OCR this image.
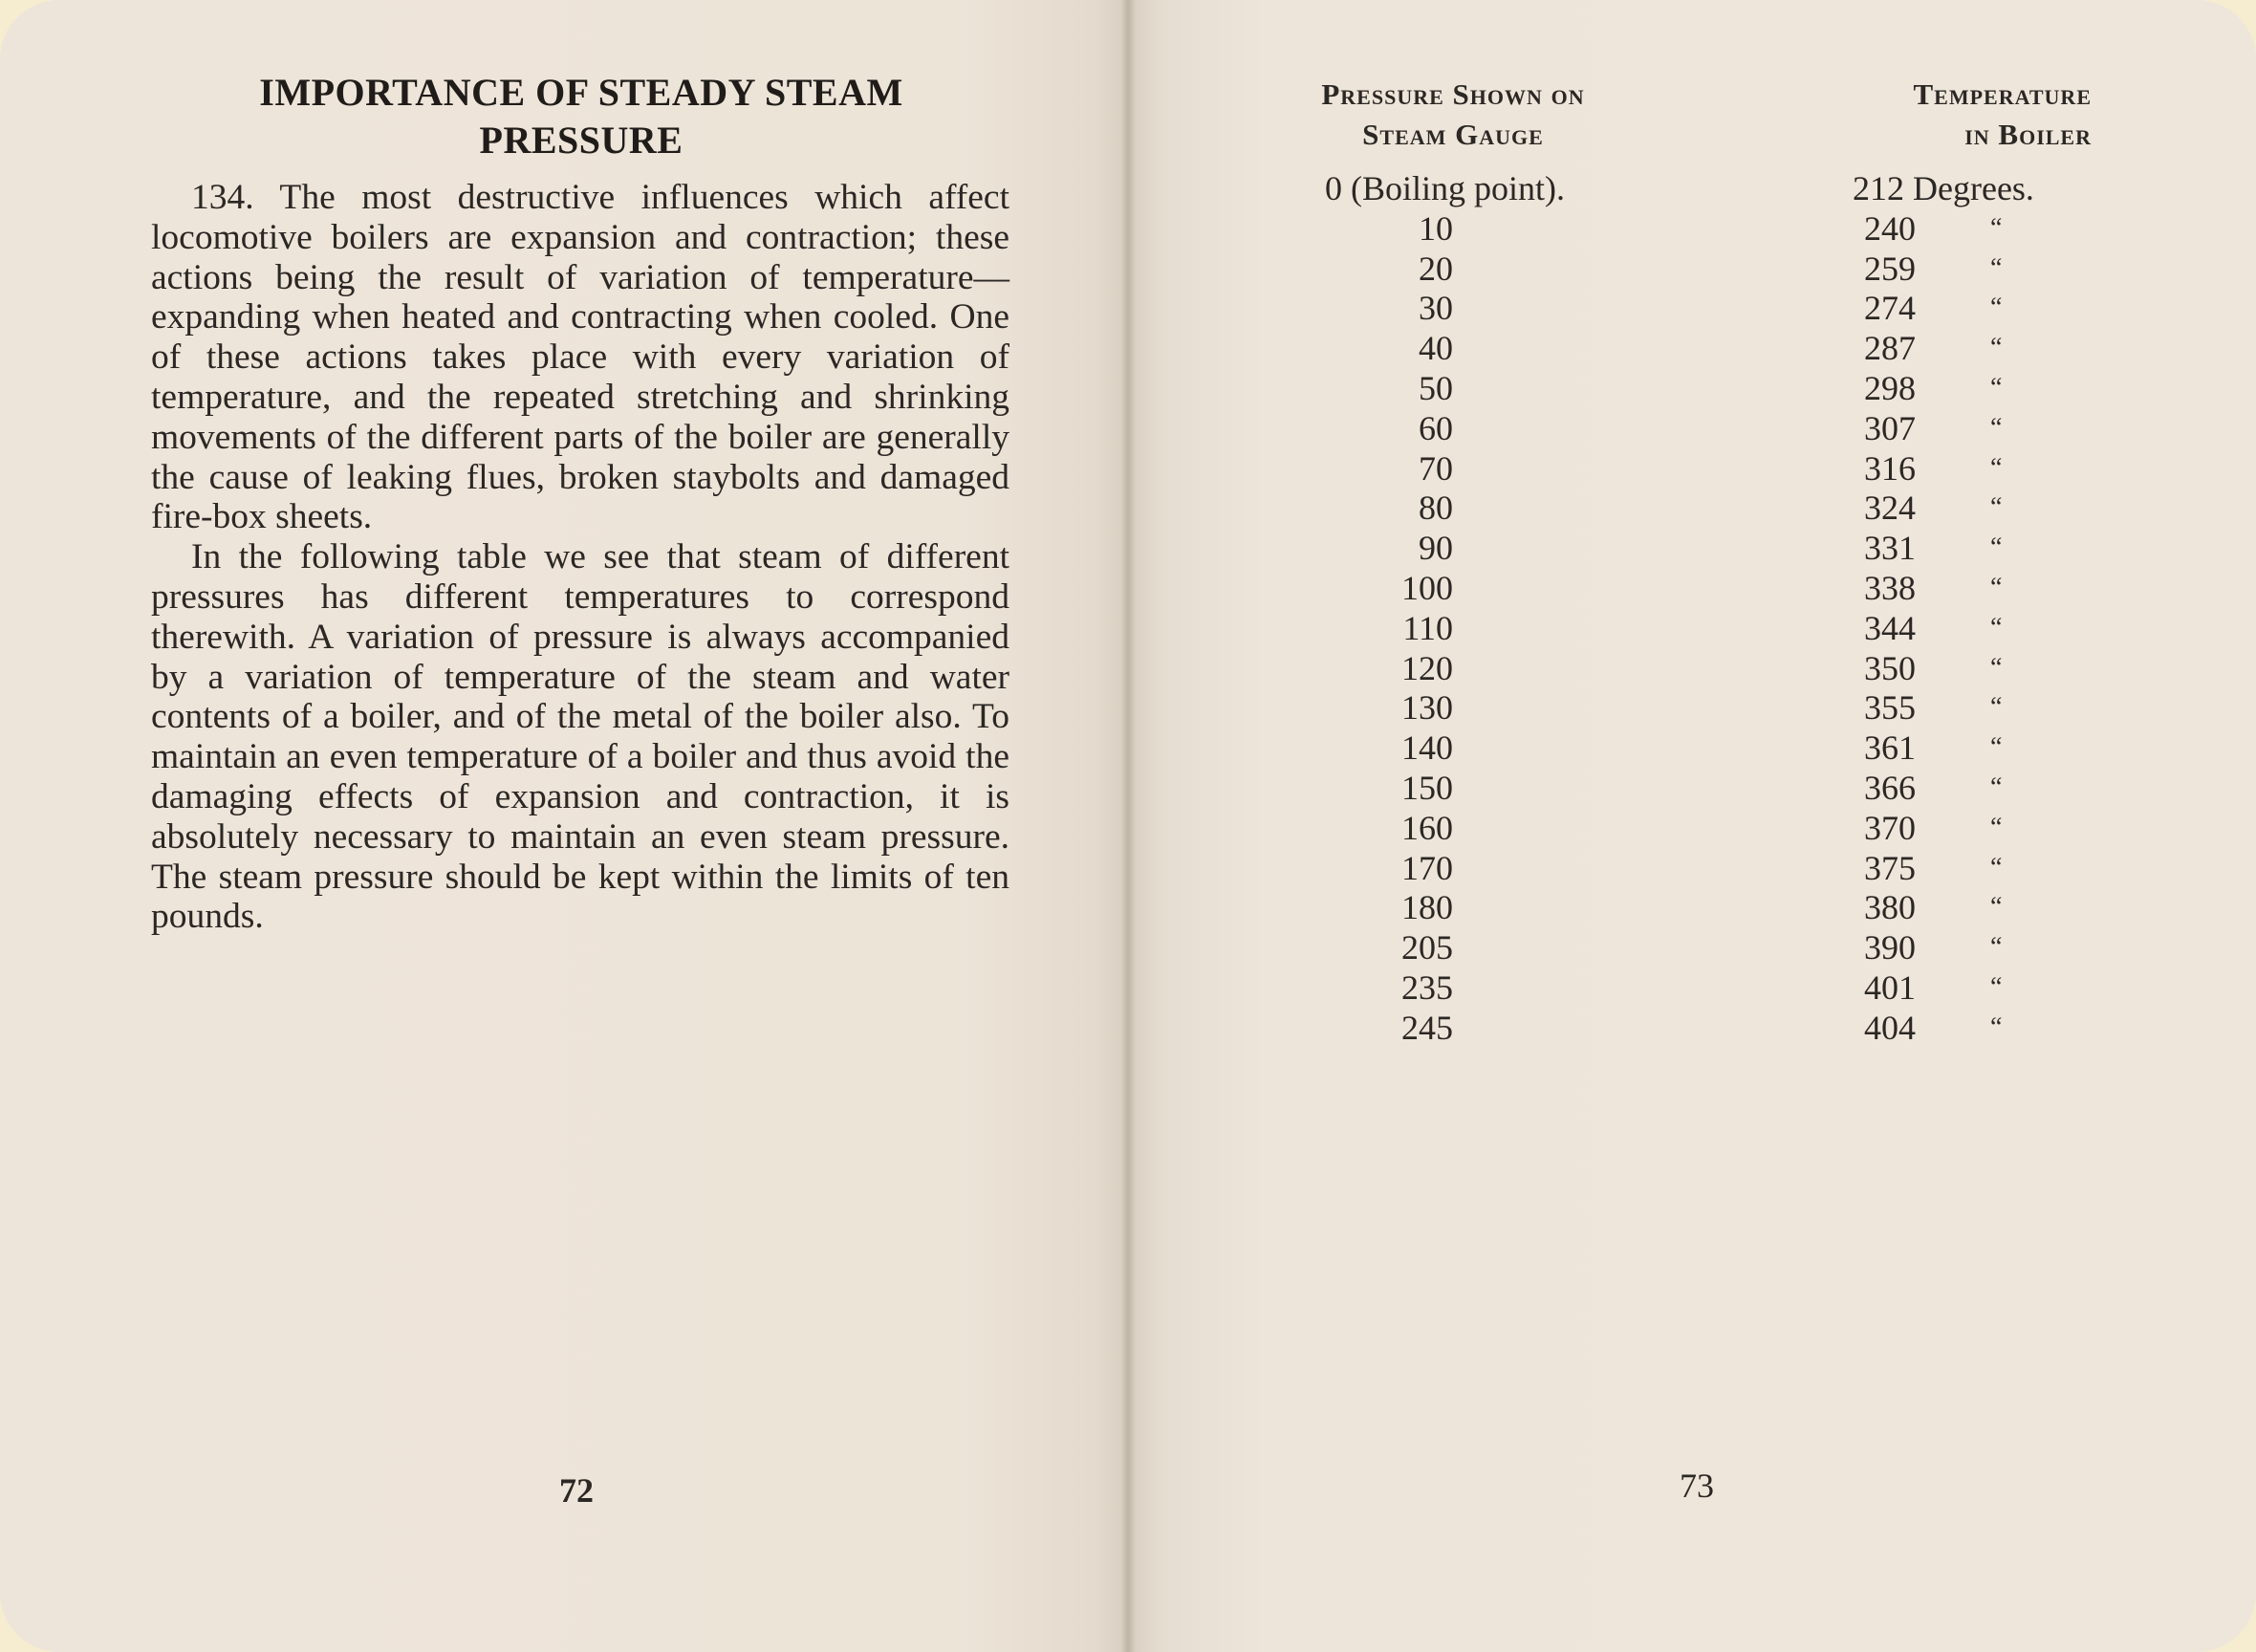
IMPORTANCE OF STEADY STEAM
PRESSURE

134. The most destructive influences which affect locomotive boilers are expansion and contraction; these actions being the result of variation of temperature—expanding when heated and contracting when cooled. One of these actions takes place with every variation of temperature, and the repeated stretching and shrinking movements of the different parts of the boiler are generally the cause of leaking flues, broken staybolts and damaged fire-box sheets.

In the following table we see that steam of different pressures has different temperatures to correspond therewith. A variation of pressure is always accompanied by a variation of temperature of the steam and water contents of a boiler, and of the metal of the boiler also. To maintain an even temperature of a boiler and thus avoid the damaging effects of expansion and contraction, it is absolutely necessary to maintain an even steam pressure. The steam pressure should be kept within the limits of ten pounds.

72
Pressure Shown on
Steam Gauge
Temperature
in Boiler
0 (Boiling point).	212 Degrees.
10	240	“
20	259	“
30	274	“
40	287	“
50	298	“
60	307	“
70	316	“
80	324	“
90	331	“
100	338	“
110	344	“
120	350	“
130	355	“
140	361	“
150	366	“
160	370	“
170	375	“
180	380	“
205	390	“
235	401	“
245	404	“
73
